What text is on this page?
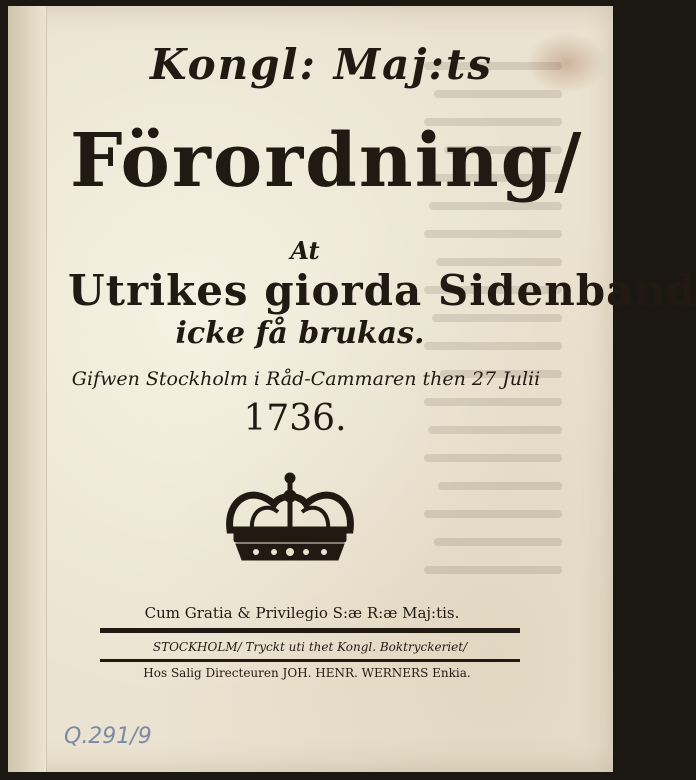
Kongl: Maj:ts
Förordning/
At
Utrikes giorda Sidenband
icke få brukas.
Gifwen Stockholm i Råd-Cammaren then 27 Julii
1736.
Cum Gratia & Privilegio S:æ R:æ Maj:tis.
STOCKHOLM/ Tryckt uti thet Kongl. Boktryckeriet/
Hos Salig Directeuren JOH. HENR. WERNERS Enkia.
Q.291/9
